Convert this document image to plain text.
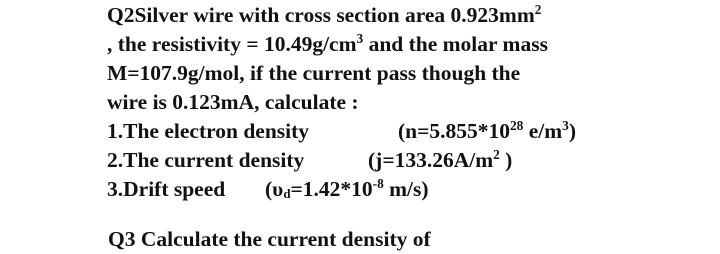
Q2Silver wire with cross section area $0.923mm^2$
, the resistivity = $10.49g/cm^3$ and the molar mass
M=107.9g/mol, if the current pass though the
wire is 0.123mA, calculate :
1.The electron density	($n=5.855*10^{28}$ $e/m^3$)
2.The current density	($j=133.26A/m^2$ )
3.Drift speed ($\upsilon_d=1.42*10^{-8}$ m/s)
Q3 Calculate the current density of
